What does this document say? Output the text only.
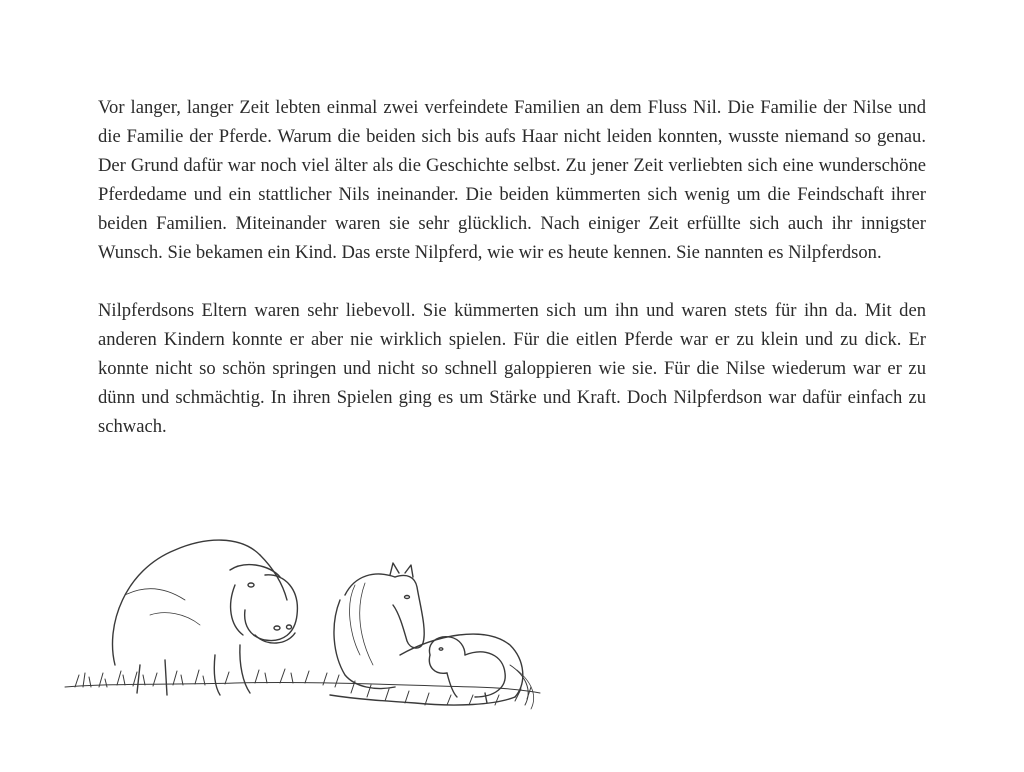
Vor langer, langer Zeit lebten einmal zwei verfeindete Familien an dem Fluss Nil. Die Familie der Nilse und die Familie der Pferde. Warum die beiden sich bis aufs Haar nicht leiden konnten, wusste niemand so genau. Der Grund dafür war noch viel älter als die Geschichte selbst. Zu jener Zeit verliebten sich eine wunderschöne Pferdedame und ein stattlicher Nils ineinander. Die beiden kümmerten sich wenig um die Feindschaft ihrer beiden Familien. Miteinander waren sie sehr glücklich. Nach einiger Zeit erfüllte sich auch ihr innigster Wunsch. Sie bekamen ein Kind. Das erste Nilpferd, wie wir es heute kennen. Sie nannten es Nilpferdson.

Nilpferdsons Eltern waren sehr liebevoll. Sie kümmerten sich um ihn und waren stets für ihn da. Mit den anderen Kindern konnte er aber nie wirklich spielen. Für die eitlen Pferde war er zu klein und zu dick. Er konnte nicht so schön springen und nicht so schnell galoppieren wie sie. Für die Nilse wiederum war er zu dünn und schmächtig. In ihren Spielen ging es um Stärke und Kraft. Doch Nilpferdson war dafür einfach zu schwach.
